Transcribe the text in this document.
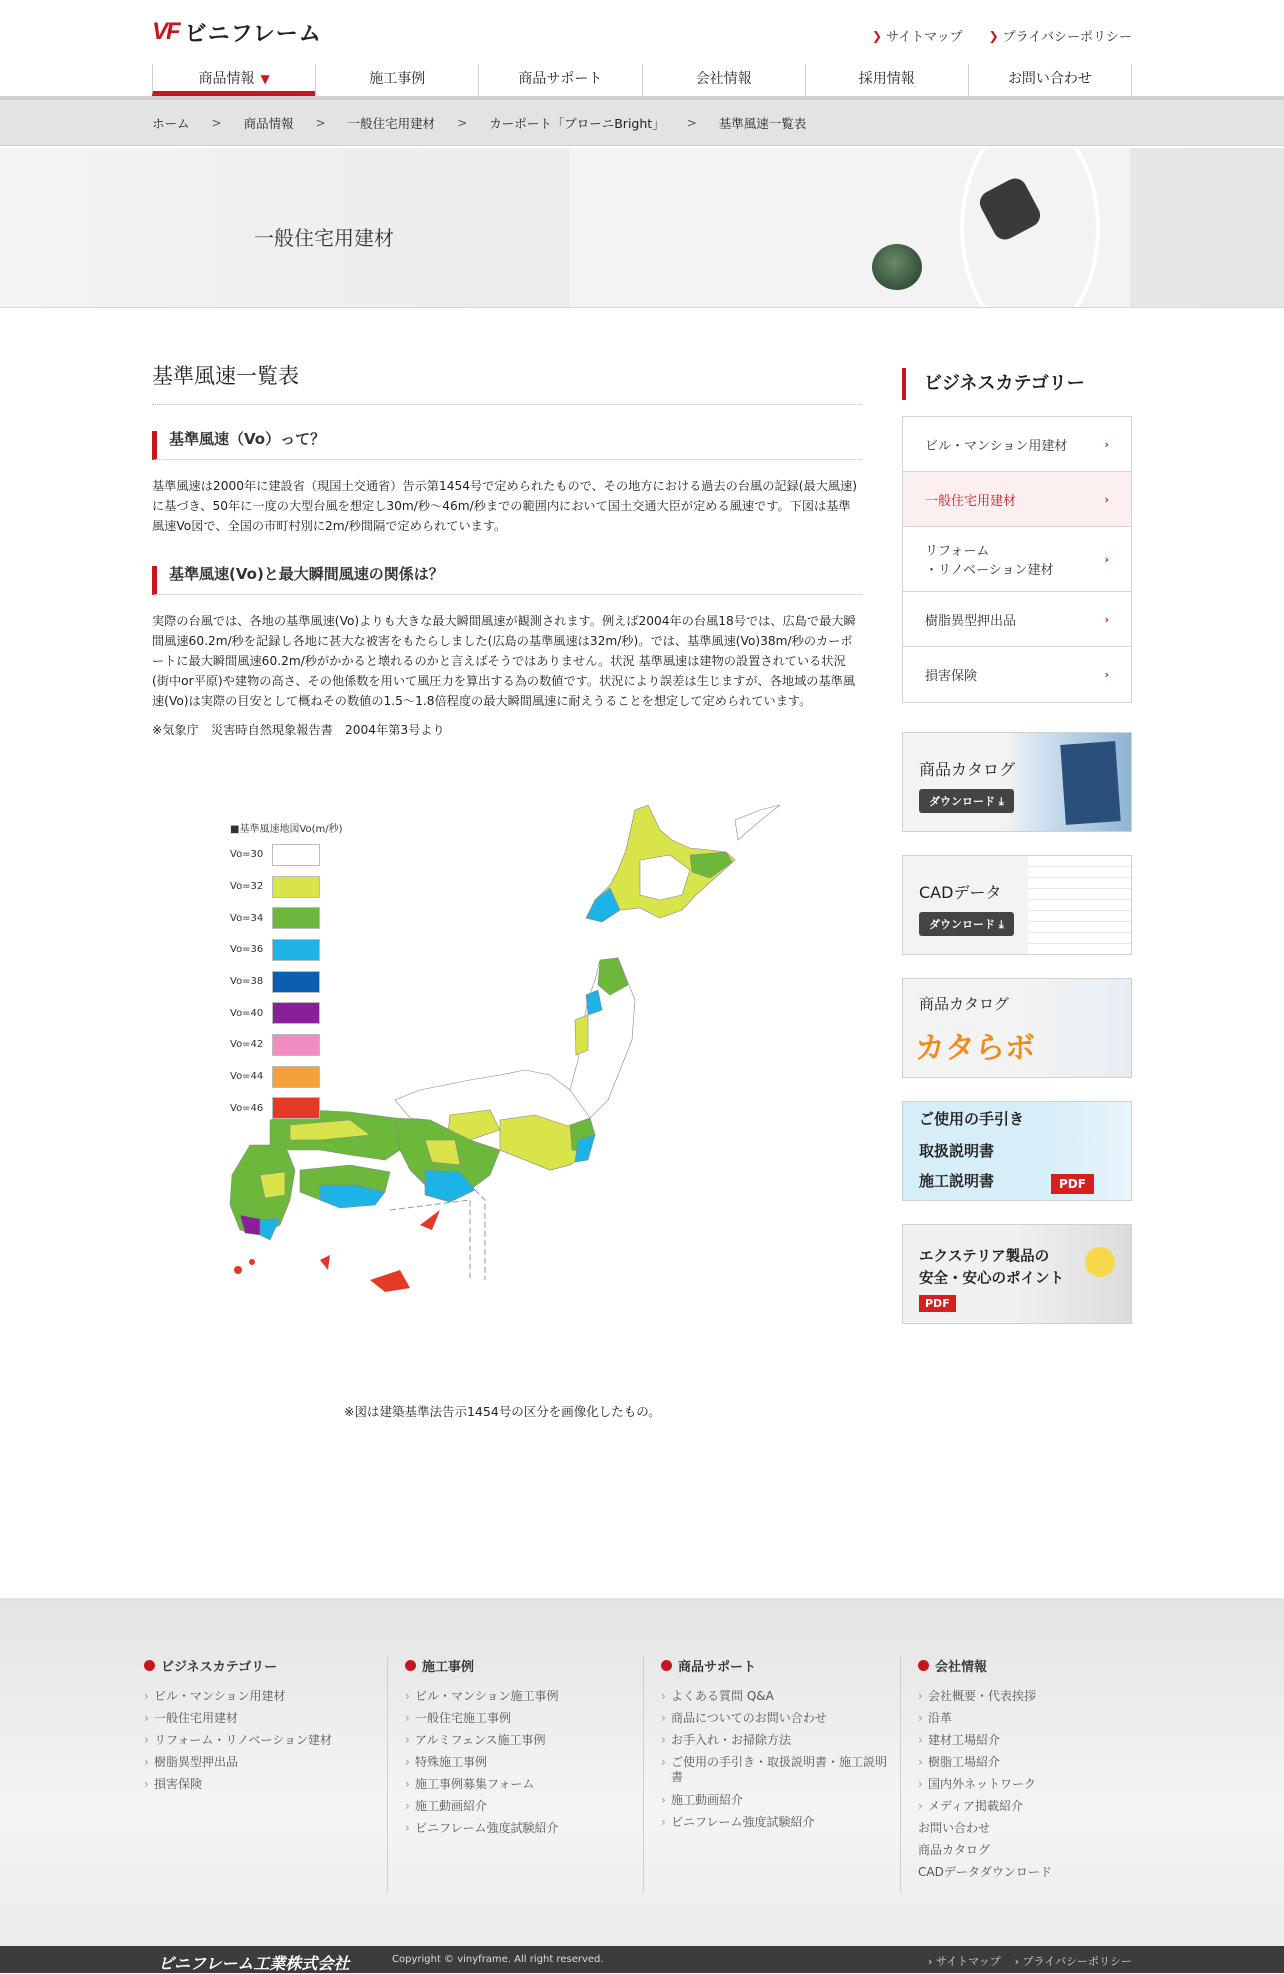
VF ビニフレーム	❯ サイトマップ ❯ プライバシーポリシー
商品情報 ▼	施工事例	商品サポート	会社情報	採用情報	お問い合わせ
ホーム > 商品情報 > 一般住宅用建材 > カーポート「ブローニBright」 > 基準風速一覧表
一般住宅用建材
基準風速一覧表
基準風速（Vo）って？

基準風速は2000年に建設省（現国土交通省）告示第1454号で定められたもので、その地方における過去の台風の記録(最大風速)に基づき、50年に一度の大型台風を想定し30m/秒～46m/秒までの範囲内において国土交通大臣が定める風速です。下図は基準風速Vo図で、全国の市町村別に2m/秒間隔で定められています。

基準風速(Vo)と最大瞬間風速の関係は？

実際の台風では、各地の基準風速(Vo)よりも大きな最大瞬間風速が観測されます。例えば2004年の台風18号では、広島で最大瞬間風速60.2m/秒を記録し各地に甚大な被害をもたらしました(広島の基準風速は32m/秒)。では、基準風速(Vo)38m/秒のカーポートに最大瞬間風速60.2m/秒がかかると壊れるのかと言えばそうではありません。状況 基準風速は建物の設置されている状況(街中or平原)や建物の高さ、その他係数を用いて風圧力を算出する為の数値です。状況により誤差は生じますが、各地域の基準風速(Vo)は実際の目安として概ねその数値の1.5～1.8倍程度の最大瞬間風速に耐えうることを想定して定められています。

※気象庁　災害時自然現象報告書　2004年第3号より

■基準風速地図Vo(m/秒)
Vo=30
Vo=32
Vo=34
Vo=36
Vo=38
Vo=40
Vo=42
Vo=44
Vo=46
※図は建築基準法告示1454号の区分を画像化したもの。
ビジネスカテゴリー
ビル・マンション用建材	›
一般住宅用建材	›
リフォーム
・リノベーション建材
›
樹脂異型押出品	›
損害保険	›
商品カタログ
ダウンロード ⤓
CADデータ
ダウンロード ⤓
商品カタログ
カタらボ
ご使用の手引き
取扱説明書
施工説明書	PDF
エクステリア製品の
安全・安心のポイント
PDF
ビジネスカテゴリー
› ビル・マンション用建材
› 一般住宅用建材
› リフォーム・リノベーション建材
› 樹脂異型押出品
› 損害保険
施工事例
› ビル・マンション施工事例
› 一般住宅施工事例
› アルミフェンス施工事例
› 特殊施工事例
› 施工事例募集フォーム
› 施工動画紹介
› ビニフレーム強度試験紹介
商品サポート
› よくある質問 Q&A
› 商品についてのお問い合わせ
› お手入れ・お掃除方法
› ご使用の手引き・取扱説明書・施工説明書
› 施工動画紹介
› ビニフレーム強度試験紹介
会社情報
› 会社概要・代表挨拶
› 沿革
› 建材工場紹介
› 樹脂工場紹介
› 国内外ネットワーク
› メディア掲載紹介
お問い合わせ
商品カタログ
CADデータダウンロード
ビニフレーム工業株式会社	Copyright © vinyframe. All right reserved.	› サイトマップ › プライバシーポリシー
